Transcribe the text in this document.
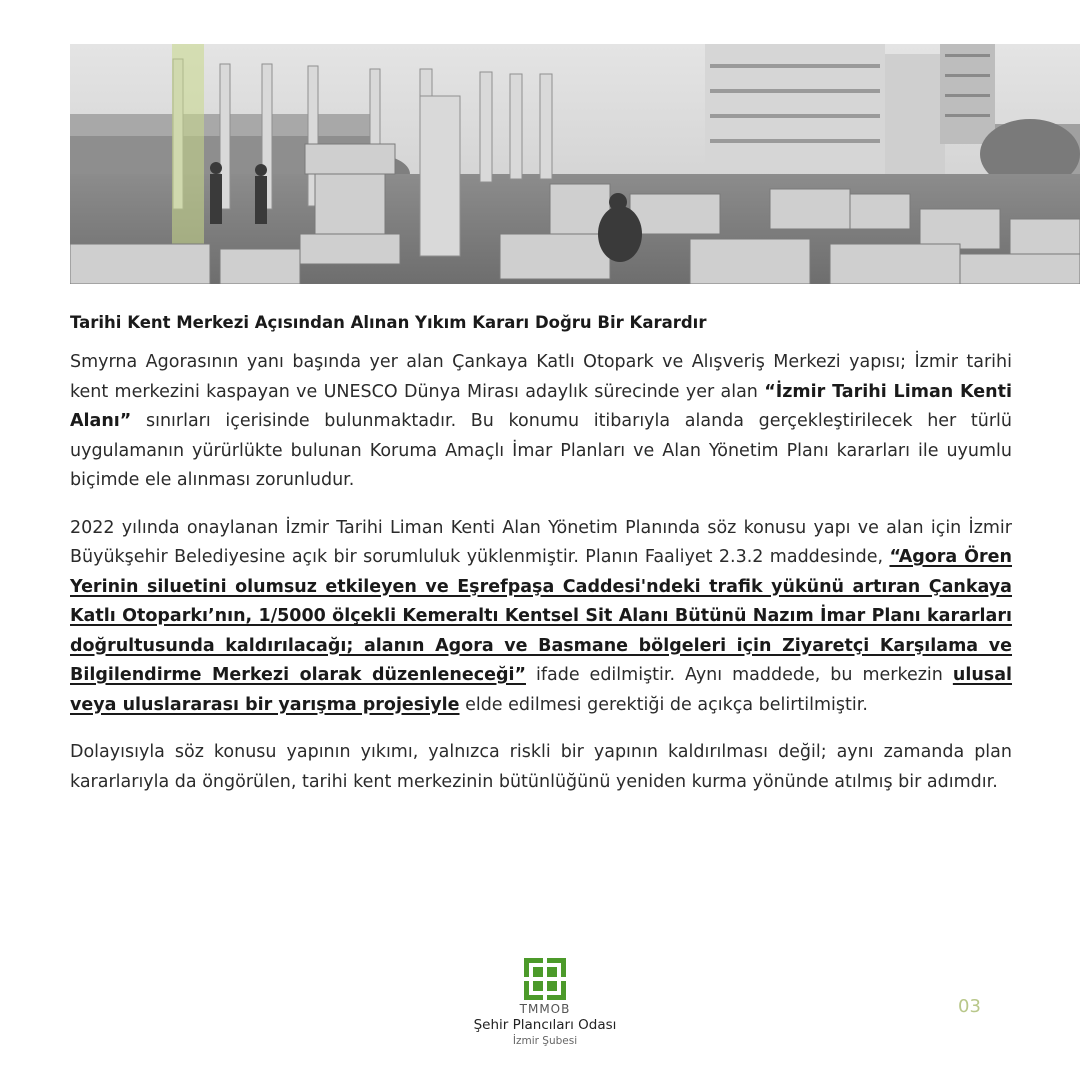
Tarihi Kent Merkezi Açısından Alınan Yıkım Kararı Doğru Bir Karardır

Smyrna Agorasının yanı başında yer alan Çankaya Katlı Otopark ve Alışveriş Merkezi yapısı; İzmir tarihi kent merkezini kaspayan ve UNESCO Dünya Mirası adaylık sürecinde yer alan “İzmir Tarihi Liman Kenti Alanı” sınırları içerisinde bulunmaktadır. Bu konumu itibarıyla alanda gerçekleştirilecek her türlü uygulamanın yürürlükte bulunan Koruma Amaçlı İmar Planları ve Alan Yönetim Planı kararları ile uyumlu biçimde ele alınması zorunludur.

2022 yılında onaylanan İzmir Tarihi Liman Kenti Alan Yönetim Planında söz konusu yapı ve alan için İzmir Büyükşehir Belediyesine açık bir sorumluluk yüklenmiştir. Planın Faaliyet 2.3.2 maddesinde, “Agora Ören Yerinin siluetini olumsuz etkileyen ve Eşrefpaşa Caddesi'ndeki trafik yükünü artıran Çankaya Katlı Otoparkı’nın, 1/5000 ölçekli Kemeraltı Kentsel Sit Alanı Bütünü Nazım İmar Planı kararları doğrultusunda kaldırılacağı; alanın Agora ve Basmane bölgeleri için Ziyaretçi Karşılama ve Bilgilendirme Merkezi olarak düzenleneceği” ifade edilmiştir. Aynı maddede, bu merkezin ulusal veya uluslararası bir yarışma projesiyle elde edilmesi gerektiği de açıkça belirtilmiştir.

Dolayısıyla söz konusu yapının yıkımı, yalnızca riskli bir yapının kaldırılması değil; aynı zamanda plan kararlarıyla da öngörülen, tarihi kent merkezinin bütünlüğünü yeniden kurma yönünde atılmış bir adımdır.

TMMOB
Şehir Plancıları Odası
İzmir Şubesi
03
